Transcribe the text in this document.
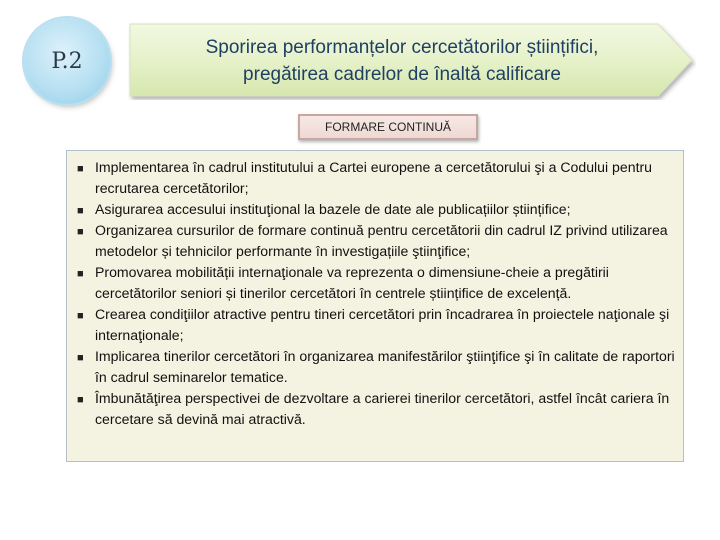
P.2
Sporirea performanțelor cercetătorilor științifici,
pregătirea cadrelor de înaltă calificare
FORMARE CONTINUĂ
■ Implementarea în cadrul institutului a Cartei europene a cercetătorului şi a Codului pentru recrutarea cercetătorilor;
■ Asigurarea accesului instituţional la bazele de date ale publicațiilor științifice;
■ Organizarea cursurilor de formare continuă pentru cercetătorii din cadrul IZ privind utilizarea metodelor și tehnicilor performante în investigațiile ştiinţifice;
■ Promovarea mobilității internaţionale va reprezenta o dimensiune-cheie a pregătirii cercetătorilor seniori și tinerilor cercetători în centrele științifice de excelență.
■ Crearea condiţiilor atractive pentru tineri cercetători prin încadrarea în proiectele naţionale şi internaţionale;
■ Implicarea tinerilor cercetători în organizarea manifestărilor ştiinţifice şi în calitate de raportori în cadrul seminarelor tematice.
■ Îmbunătăţirea perspectivei de dezvoltare a carierei tinerilor cercetători, astfel încât cariera în cercetare să devină mai atractivă.
